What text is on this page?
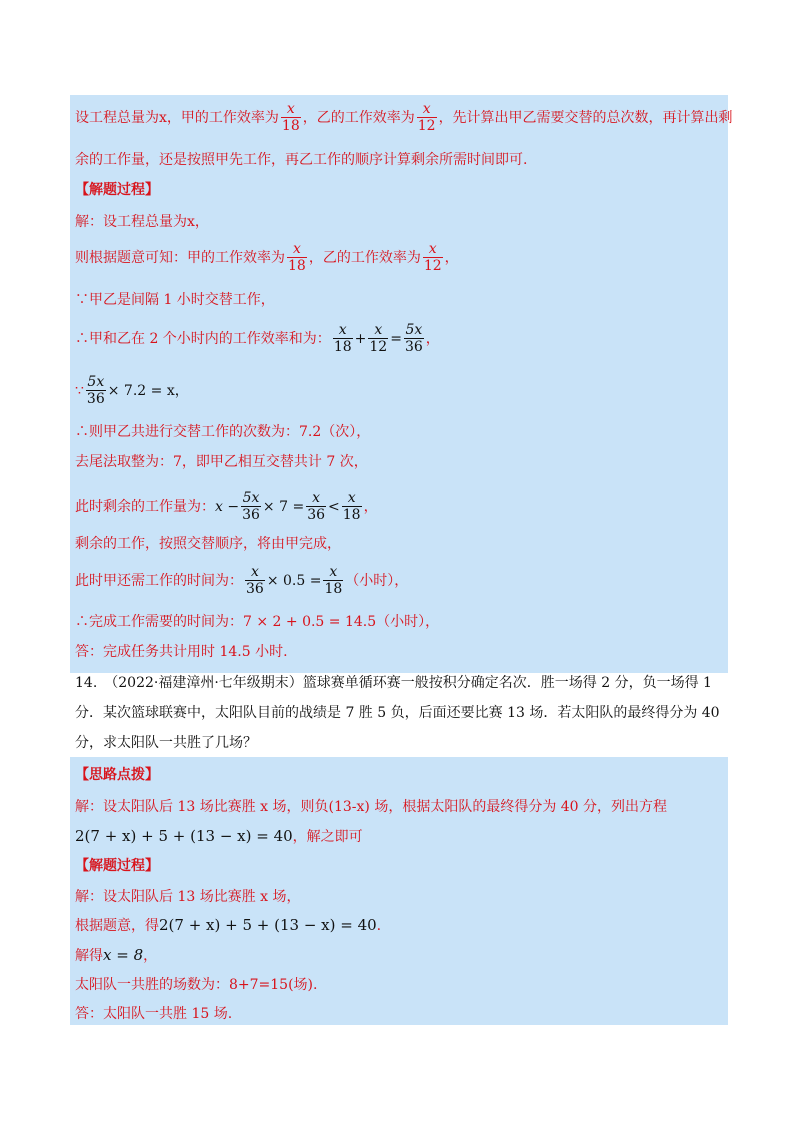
设工程总量为x，甲的工作效率为 $\frac{x}{18}$ ，乙的工作效率为 $\frac{x}{12}$ ，先计算出甲乙需要交替的总次数，再计算出剩
余的工作量，还是按照甲先工作，再乙工作的顺序计算剩余所需时间即可.
【解题过程】
解：设工程总量为x，
则根据题意可知：甲的工作效率为 $\frac{x}{18}$ ，乙的工作效率为 $\frac{x}{12}$ ，
∵甲乙是间隔 1 小时交替工作，
∴甲和乙在 2 个小时内的工作效率和为： $\frac{x}{18} + \frac{x}{12} = \frac{5x}{36}$ ，
∵ $\frac{5x}{36} \times 7.2 = x$，
∴则甲乙共进行交替工作的次数为：7.2（次），
去尾法取整为：7，即甲乙相互交替共计 7 次，
此时剩余的工作量为：$x - \frac{5x}{36} \times 7 = \frac{x}{36} < \frac{x}{18}$ ，
剩余的工作，按照交替顺序，将由甲完成，
此时甲还需工作的时间为： $\frac{x}{36} \times 0.5 = \frac{x}{18}$ （小时），
∴完成工作需要的时间为：7 × 2 + 0.5 = 14.5（小时），
答：完成任务共计用时 14.5 小时.
14.　（2022·福建漳州·七年级期末）篮球赛单循环赛一般按积分确定名次．胜一场得 2 分，负一场得 1
分．某次篮球联赛中，太阳队目前的战绩是 7 胜 5 负，后面还要比赛 13 场．若太阳队的最终得分为 40
分，求太阳队一共胜了几场？
【思路点拨】
解：设太阳队后 13 场比赛胜 x 场，则负(13-x) 场，根据太阳队的最终得分为 40 分，列出方程
2(7 + x) + 5 + (13 − x) = 40，解之即可
【解题过程】
解：设太阳队后 13 场比赛胜 x 场，
根据题意，得2(7 + x) + 5 + (13 − x) = 40.
解得x = 8，
太阳队一共胜的场数为：8+7=15(场).
答：太阳队一共胜 15 场.
